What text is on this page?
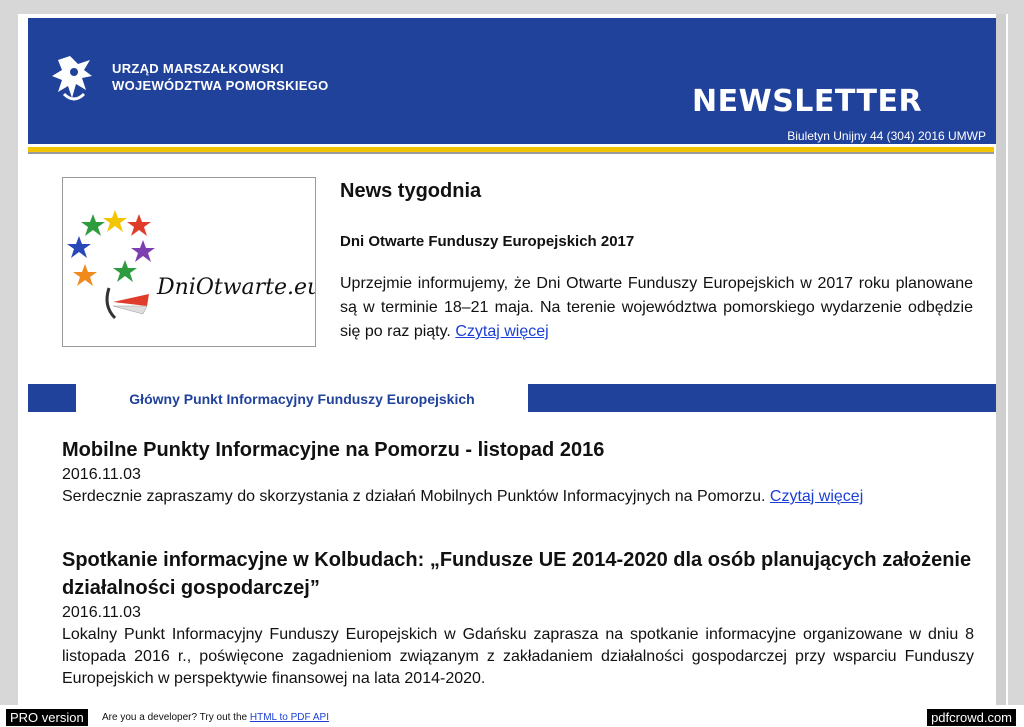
URZĄD MARSZAŁKOWSKI
WOJEWÓDZTWA POMORSKIEGO	NEWSLETTER
Biuletyn Unijny 44 (304) 2016 UMWP
DniOtwarte.eu
News tygodnia
Dni Otwarte Funduszy Europejskich 2017
Uprzejmie informujemy, że Dni Otwarte Funduszy Europejskich w 2017 roku planowane są w terminie 18–21 maja. Na terenie województwa pomorskiego wydarzenie odbędzie się po raz piąty. Czytaj więcej
Główny Punkt Informacyjny Funduszy Europejskich
Mobilne Punkty Informacyjne na Pomorzu - listopad 2016
2016.11.03
Serdecznie zapraszamy do skorzystania z działań Mobilnych Punktów Informacyjnych na Pomorzu. Czytaj więcej
Spotkanie informacyjne w Kolbudach: „Fundusze UE 2014-2020 dla osób planujących założenie działalności gospodarczej”
2016.11.03
Lokalny Punkt Informacyjny Funduszy Europejskich w Gdańsku zaprasza na spotkanie informacyjne organizowane w dniu 8 listopada 2016 r., poświęcone zagadnieniom związanym z zakładaniem działalności gospodarczej przy wsparciu Funduszy Europejskich w perspektywie finansowej na lata 2014-2020.
PRO version	Are you a developer? Try out the HTML to PDF API	pdfcrowd.com
